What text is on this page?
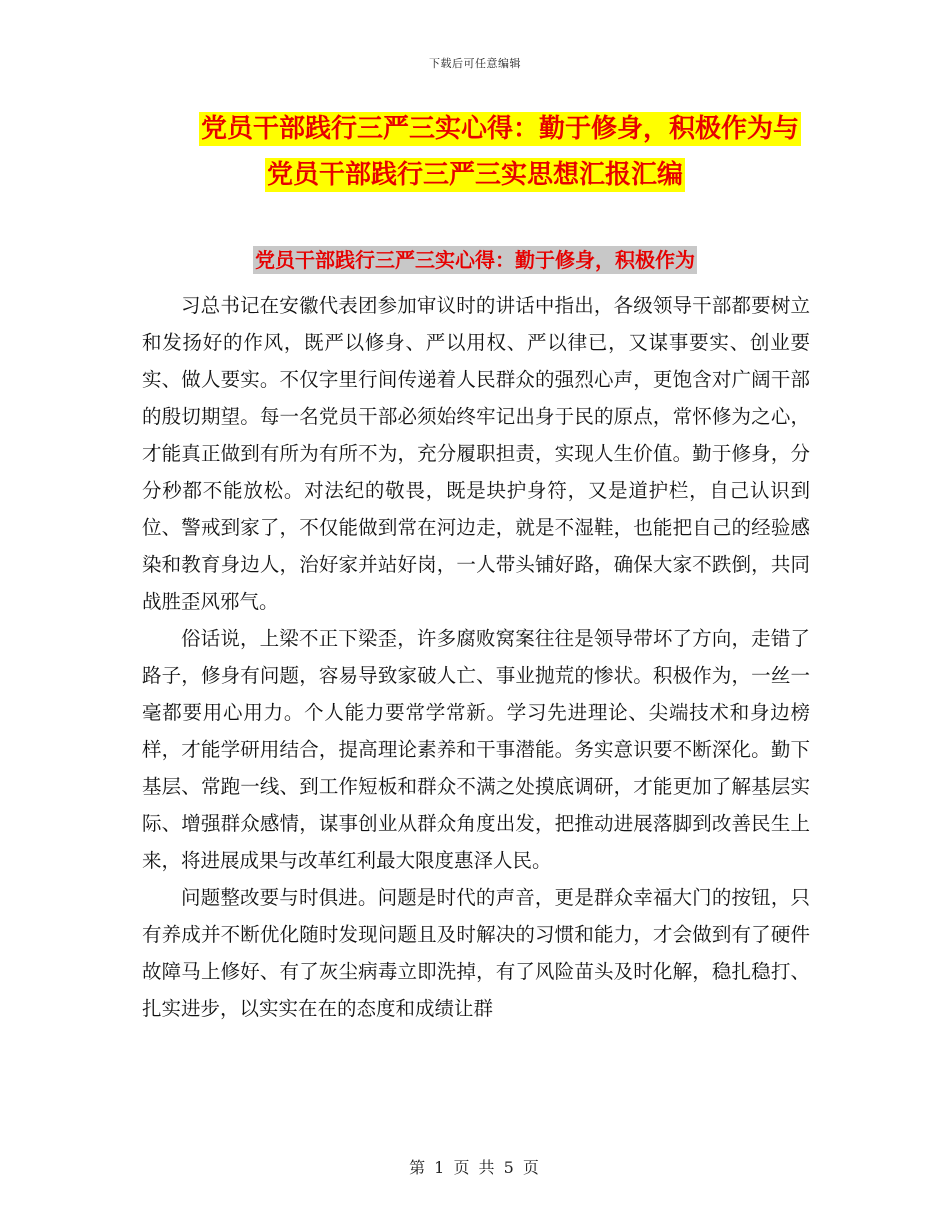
下载后可任意编辑
党员干部践行三严三实心得：勤于修身，积极作为与
党员干部践行三严三实思想汇报汇编
党员干部践行三严三实心得：勤于修身，积极作为

习总书记在安徽代表团参加审议时的讲话中指出，各级领导干部都要树立和发扬好的作风，既严以修身、严以用权、严以律已，又谋事要实、创业要实、做人要实。不仅字里行间传递着人民群众的强烈心声，更饱含对广阔干部的殷切期望。每一名党员干部必须始终牢记出身于民的原点，常怀修为之心，才能真正做到有所为有所不为，充分履职担责，实现人生价值。勤于修身，分分秒都不能放松。对法纪的敬畏，既是块护身符，又是道护栏，自己认识到位、警戒到家了，不仅能做到常在河边走，就是不湿鞋，也能把自己的经验感染和教育身边人，治好家并站好岗，一人带头铺好路，确保大家不跌倒，共同战胜歪风邪气。

俗话说，上梁不正下梁歪，许多腐败窝案往往是领导带坏了方向，走错了路子，修身有问题，容易导致家破人亡、事业抛荒的惨状。积极作为，一丝一毫都要用心用力。个人能力要常学常新。学习先进理论、尖端技术和身边榜样，才能学研用结合，提高理论素养和干事潜能。务实意识要不断深化。勤下基层、常跑一线、到工作短板和群众不满之处摸底调研，才能更加了解基层实际、增强群众感情，谋事创业从群众角度出发，把推动进展落脚到改善民生上来，将进展成果与改革红利最大限度惠泽人民。

问题整改要与时俱进。问题是时代的声音，更是群众幸福大门的按钮，只有养成并不断优化随时发现问题且及时解决的习惯和能力，才会做到有了硬件故障马上修好、有了灰尘病毒立即洗掉，有了风险苗头及时化解，稳扎稳打、扎实进步，以实实在在的态度和成绩让群

第 1 页 共 5 页
